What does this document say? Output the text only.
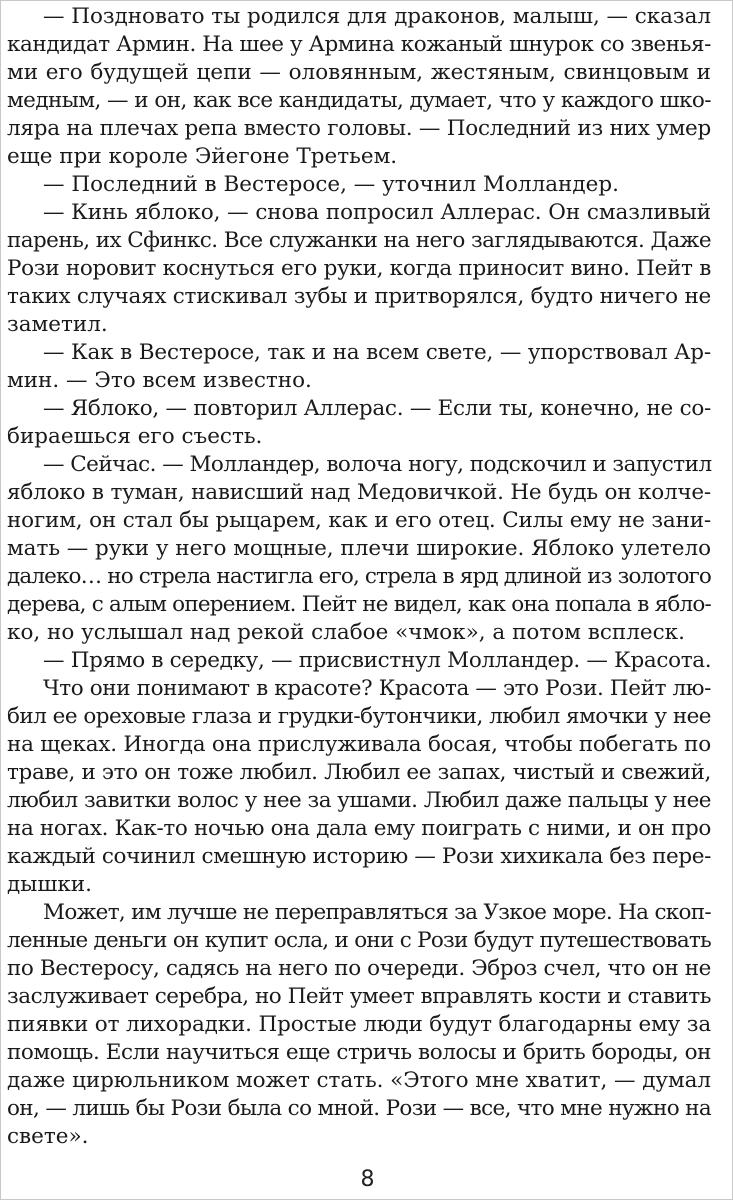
— Поздновато ты родился для драконов, малыш, — сказал
кандидат Армин. На шее у Армина кожаный шнурок со звенья-
ми его будущей цепи — оловянным, жестяным, свинцовым и
медным, — и он, как все кандидаты, думает, что у каждого шко-
ляра на плечах репа вместо головы. — Последний из них умер
еще при короле Эйегоне Третьем.
— Последний в Вестеросе, — уточнил Молландер.
— Кинь яблоко, — снова попросил Аллерас. Он смазливый
парень, их Сфинкс. Все служанки на него заглядываются. Даже
Рози норовит коснуться его руки, когда приносит вино. Пейт в
таких случаях стискивал зубы и притворялся, будто ничего не
заметил.
— Как в Вестеросе, так и на всем свете, — упорствовал Ар-
мин. — Это всем известно.
— Яблоко, — повторил Аллерас. — Если ты, конечно, не со-
бираешься его съесть.
— Сейчас. — Молландер, волоча ногу, подскочил и запустил
яблоко в туман, нависший над Медовичкой. Не будь он колче-
ногим, он стал бы рыцарем, как и его отец. Силы ему не зани-
мать — руки у него мощные, плечи широкие. Яблоко улетело
далеко… но стрела настигла его, стрела в ярд длиной из золотого
дерева, с алым оперением. Пейт не видел, как она попала в ябло-
ко, но услышал над рекой слабое «чмок», а потом всплеск.
— Прямо в середку, — присвистнул Молландер. — Красота.
Что они понимают в красоте? Красота — это Рози. Пейт лю-
бил ее ореховые глаза и грудки-бутончики, любил ямочки у нее
на щеках. Иногда она прислуживала босая, чтобы побегать по
траве, и это он тоже любил. Любил ее запах, чистый и свежий,
любил завитки волос у нее за ушами. Любил даже пальцы у нее
на ногах. Как-то ночью она дала ему поиграть с ними, и он про
каждый сочинил смешную историю — Рози хихикала без пере-
дышки.
Может, им лучше не переправляться за Узкое море. На скоп-
ленные деньги он купит осла, и они с Рози будут путешествовать
по Вестеросу, садясь на него по очереди. Эброз счел, что он не
заслуживает серебра, но Пейт умеет вправлять кости и ставить
пиявки от лихорадки. Простые люди будут благодарны ему за
помощь. Если научиться еще стричь волосы и брить бороды, он
даже цирюльником может стать. «Этого мне хватит, — думал
он, — лишь бы Рози была со мной. Рози — все, что мне нужно на
свете».
8
